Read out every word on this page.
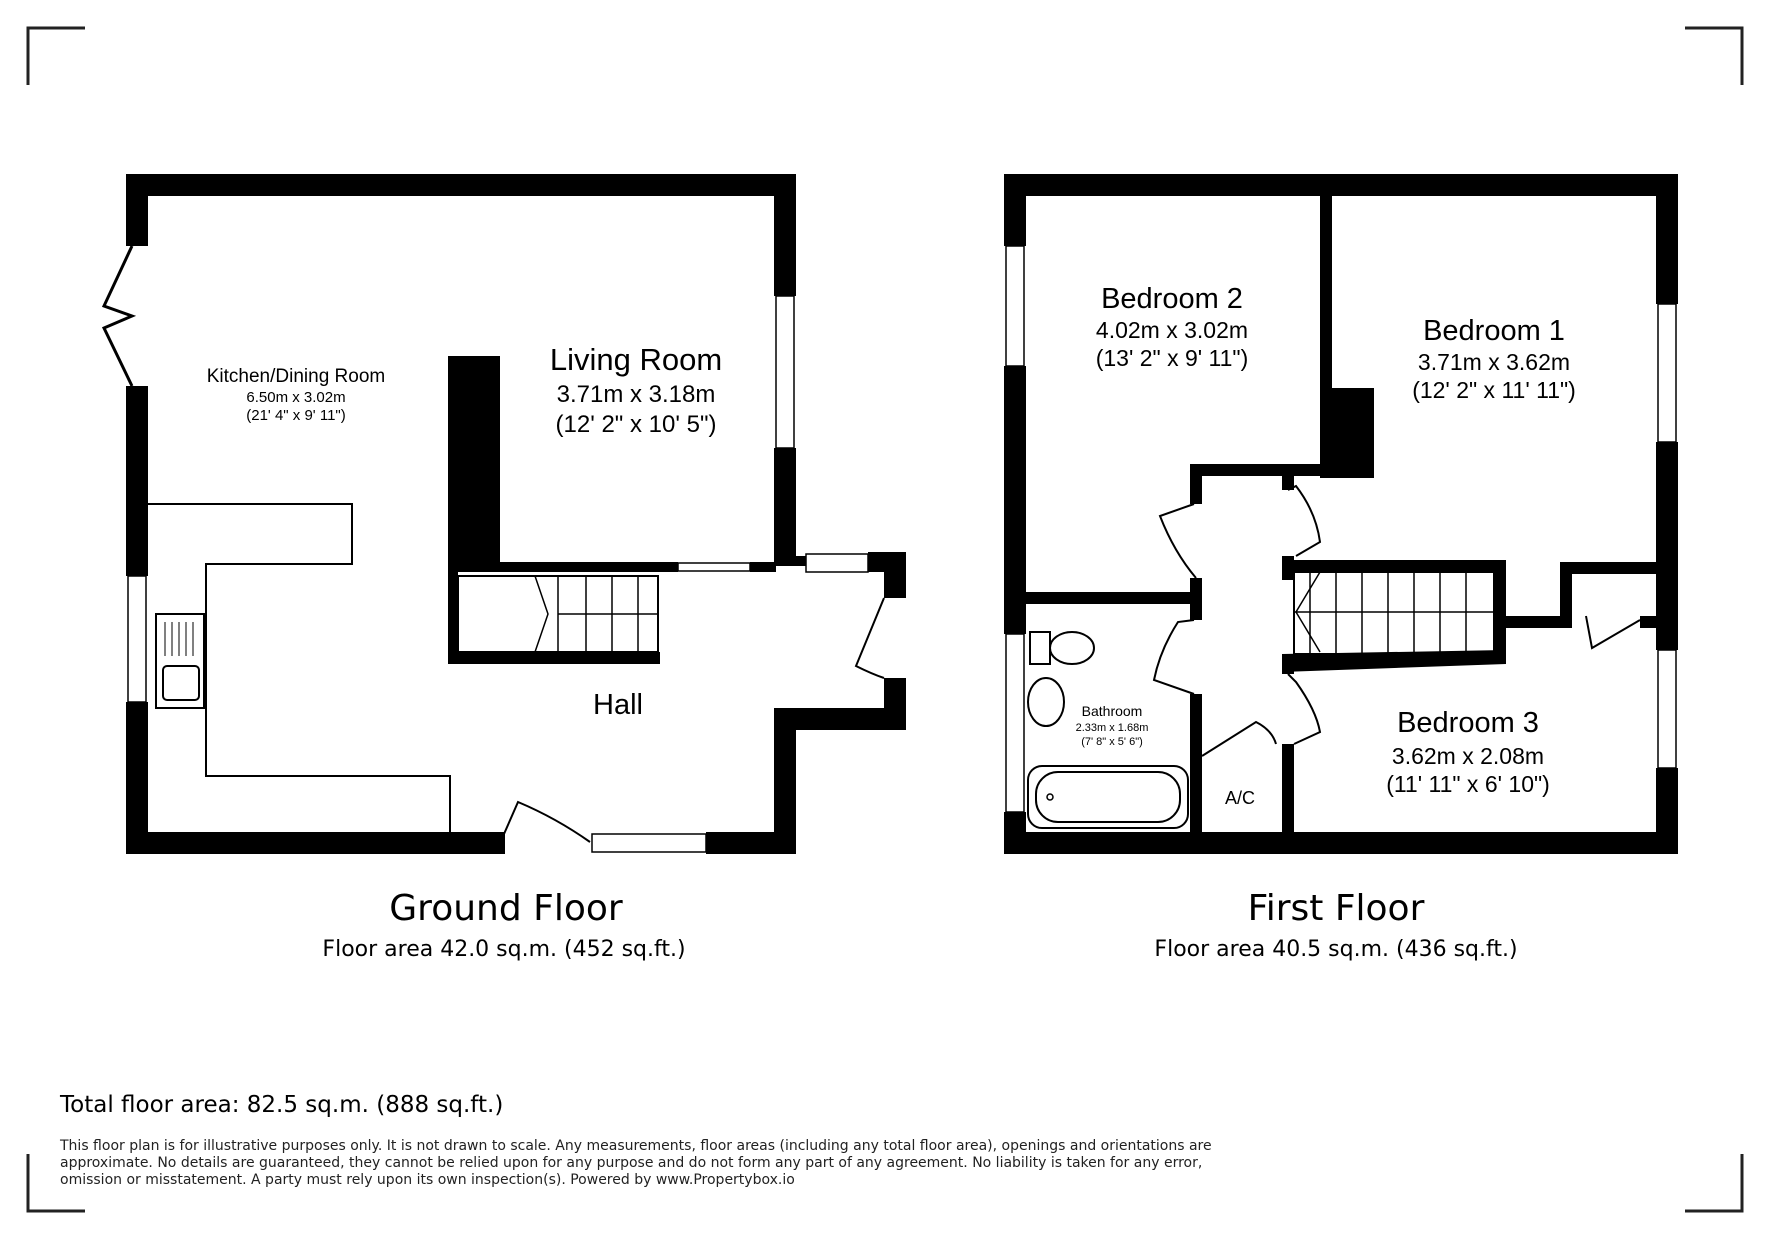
Kitchen/Dining Room
6.50m x 3.02m
(21' 4" x 9' 11")
Living Room
3.71m x 3.18m
(12' 2" x 10' 5")
Hall
Ground Floor
Floor area 42.0 sq.m. (452 sq.ft.)
Bedroom 2
4.02m x 3.02m
(13' 2" x 9' 11")
Bedroom 1
3.71m x 3.62m
(12' 2" x 11' 11")
Bedroom 3
3.62m x 2.08m
(11' 11" x 6' 10")
Bathroom
2.33m x 1.68m
(7' 8" x 5' 6")
A/C
First Floor
Floor area 40.5 sq.m. (436 sq.ft.)
Total floor area: 82.5 sq.m. (888 sq.ft.)
This floor plan is for illustrative purposes only. It is not drawn to scale. Any measurements, floor areas (including any total floor area), openings and orientations are
approximate. No details are guaranteed, they cannot be relied upon for any purpose and do not form any part of any agreement. No liability is taken for any error,
omission or misstatement. A party must rely upon its own inspection(s). Powered by www.Propertybox.io
